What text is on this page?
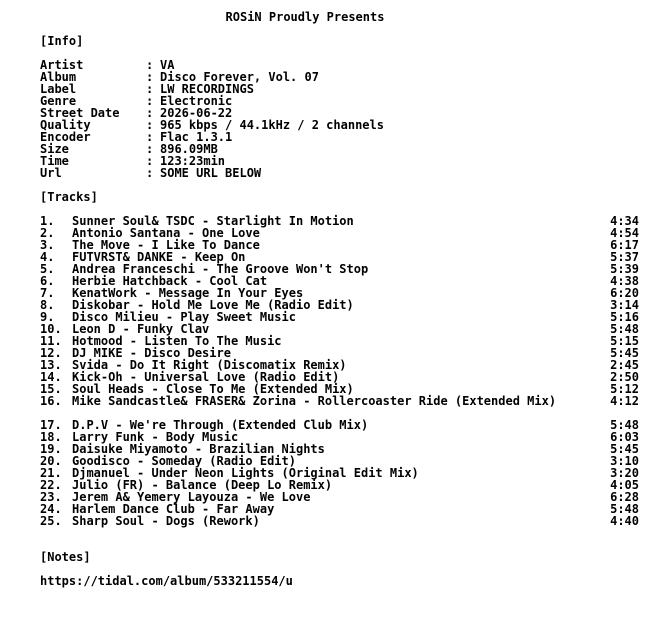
ROSiN Proudly Presents
[Info]
Artist	: VA
Album	: Disco Forever, Vol. 07
Label	: LW RECORDINGS
Genre	: Electronic
Street Date	: 2026-06-22
Quality	: 965 kbps / 44.1kHz / 2 channels
Encoder	: Flac 1.3.1
Size	: 896.09MB
Time	: 123:23min
Url	: SOME URL BELOW
[Tracks]
1. Sunner Soul& TSDC - Starlight In Motion	4:34
2. Antonio Santana - One Love	4:54
3. The Move - I Like To Dance	6:17
4. FUTVRST& DANKE - Keep On	5:37
5. Andrea Franceschi - The Groove Won't Stop	5:39
6. Herbie Hatchback - Cool Cat	4:38
7. KenatWork - Message In Your Eyes	6:20
8. Diskobar - Hold Me Love Me (Radio Edit)	3:14
9. Disco Milieu - Play Sweet Music	5:16
10. Leon D - Funky Clav	5:48
11. Hotmood - Listen To The Music	5:15
12. DJ MIKE - Disco Desire	5:45
13. Svida - Do It Right (Discomatix Remix)	2:45
14. Kick-Oh - Universal Love (Radio Edit)	2:50
15. Soul Heads - Close To Me (Extended Mix)	5:12
16. Mike Sandcastle& FRASER& Zorina - Rollercoaster Ride (Extended Mix)	4:12
17. D.P.V - We're Through (Extended Club Mix)	5:48
18. Larry Funk - Body Music	6:03
19. Daisuke Miyamoto - Brazilian Nights	5:45
20. Goodisco - Someday (Radio Edit)	3:10
21. Djmanuel - Under Neon Lights (Original Edit Mix)	3:20
22. Julio (FR) - Balance (Deep Lo Remix)	4:05
23. Jerem A& Yemery Layouza - We Love	6:28
24. Harlem Dance Club - Far Away	5:48
25. Sharp Soul - Dogs (Rework)	4:40
[Notes]
https://tidal.com/album/533211554/u
